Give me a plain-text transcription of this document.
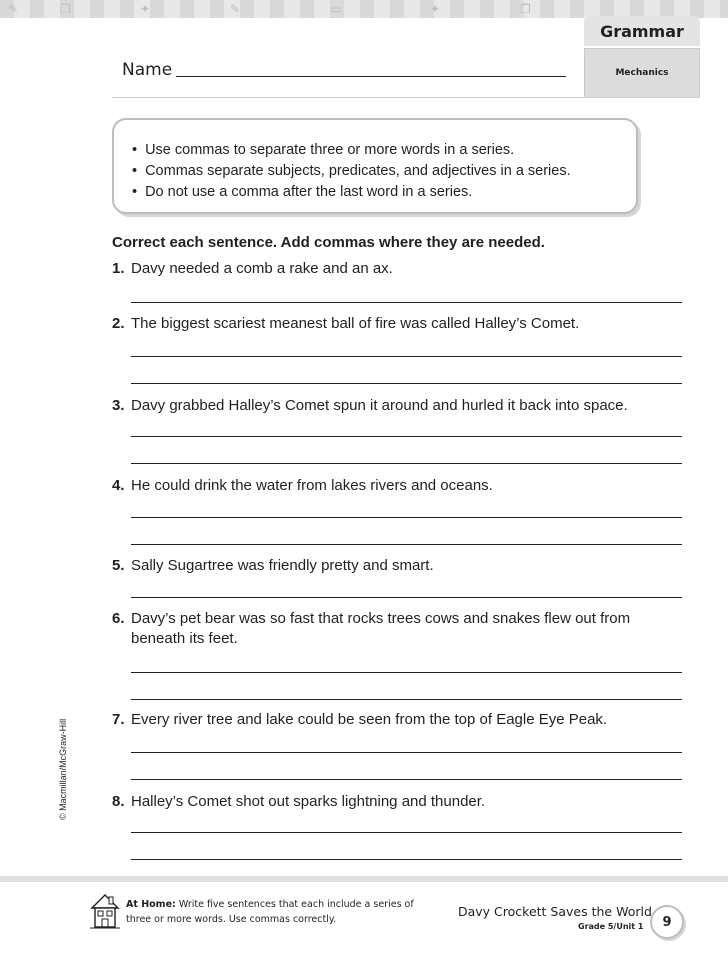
✎	❒	✦	✎	▭	✦	❒
Grammar
Mechanics
Name
• Use commas to separate three or more words in a series.
• Commas separate subjects, predicates, and adjectives in a series.
• Do not use a comma after the last word in a series.
Correct each sentence. Add commas where they are needed.
1. Davy needed a comb a rake and an ax.
2. The biggest scariest meanest ball of fire was called Halley’s Comet.
3. Davy grabbed Halley’s Comet spun it around and hurled it back into space.
4. He could drink the water from lakes rivers and oceans.
5. Sally Sugartree was friendly pretty and smart.
6. Davy’s pet bear was so fast that rocks trees cows and snakes flew out from
beneath its feet.
7. Every river tree and lake could be seen from the top of Eagle Eye Peak.
8. Halley’s Comet shot out sparks lightning and thunder.
© Macmillan/McGraw-Hill
At Home: Write five sentences that each include a series of
three or more words. Use commas correctly.
Davy Crockett Saves the World
Grade 5/Unit 1	9
